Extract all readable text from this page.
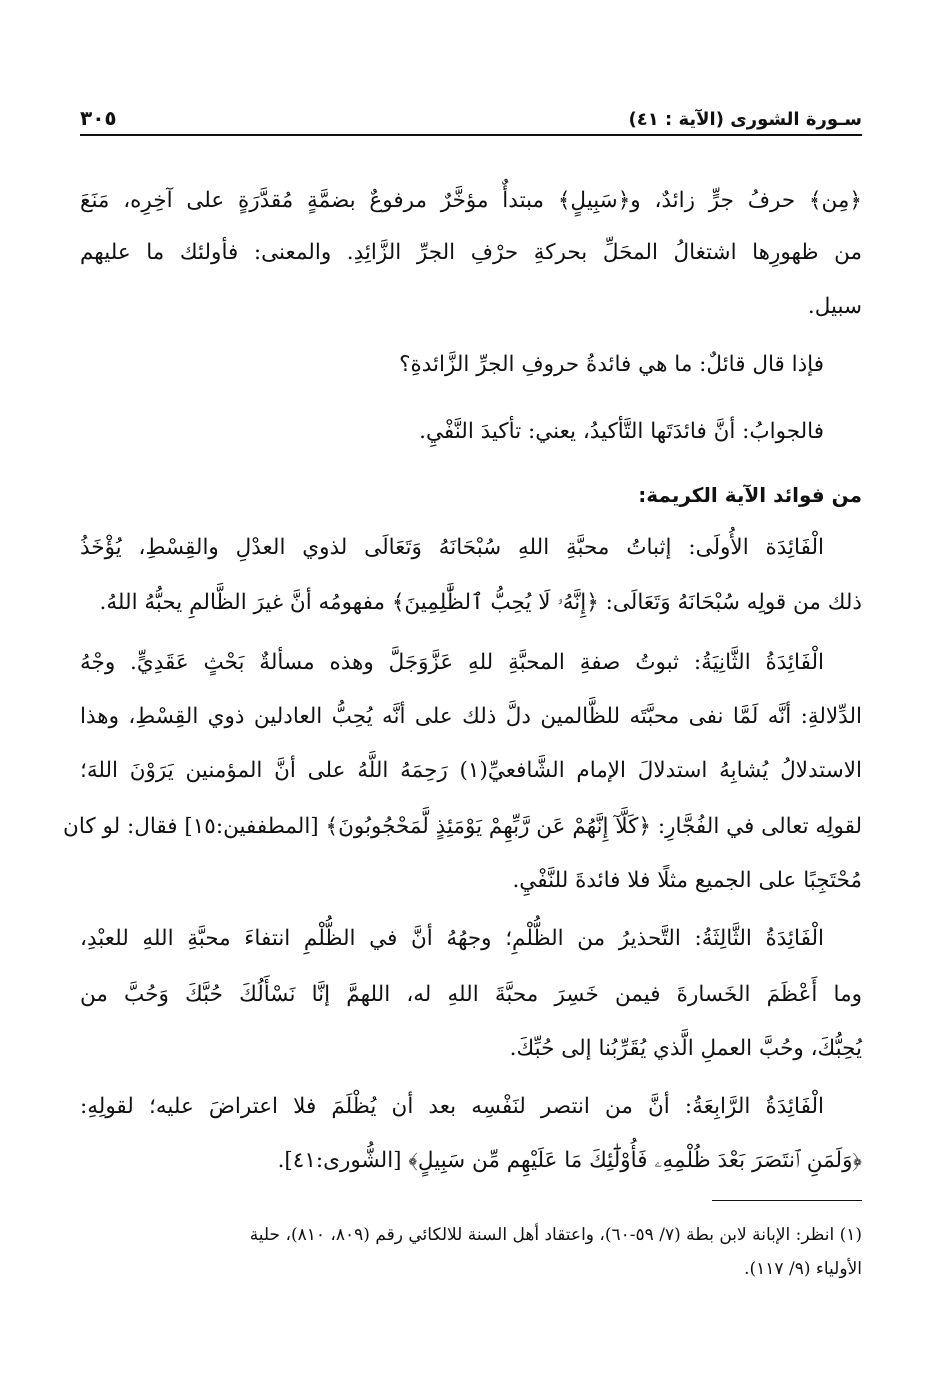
سـورة الشورى (الآية : ٤١)
٣٠٥
﴿مِن﴾ حرفُ جرٍّ زائدٌ، و﴿سَبِيلٍ﴾ مبتدأٌ مؤخَّرٌ مرفوعٌ بضمَّةٍ مُقدَّرَةٍ على آخِرِه، مَنَعَ
من ظهورِها اشتغالُ المحَلِّ بحركةِ حرْفِ الجرِّ الزَّائِدِ. والمعنى: فأولئك ما عليهم
سبيل.
فإذا قال قائلٌ: ما هي فائدةُ حروفِ الجرِّ الزَّائدةِ؟
فالجوابُ: أنَّ فائدَتَها التَّأكيدُ، يعني: تأكيدَ النَّفْيِ.
من فوائد الآية الكريمة:
الْفَائِدَة الأُولَى: إثباتُ محبَّةِ اللهِ سُبْحَانَهُ وَتَعَالَى لذوي العدْلِ والقِسْطِ، يُؤْخَذُ
ذلك من قولِه سُبْحَانَهُ وَتَعَالَى: ﴿إِنَّهُۥ لَا يُحِبُّ ٱلظَّٰلِمِينَ﴾ مفهومُه أنَّ غيرَ الظَّالمِ يحبُّهُ اللهُ.
الْفَائِدَةُ الثَّانِيَةُ: ثبوتُ صفةِ المحبَّةِ للهِ عَزَّوَجَلَّ وهذه مسألةٌ بَحْثٍ عَقَدِيٍّ. وجْهُ
الدِّلالةِ: أنَّه لَمَّا نفى محبَّتَه للظَّالمين دلَّ ذلك على أنَّه يُحِبُّ العادلين ذوي القِسْطِ، وهذا
الاستدلالُ يُشابِهُ استدلالَ الإمام الشَّافعيِّ(١) رَحِمَهُ اللَّهُ على أنَّ المؤمنين يَرَوْنَ اللهَ؛
لقولِه تعالى في الفُجَّارِ: ﴿كَلَّآ إِنَّهُمْ عَن رَّبِّهِمْ يَوْمَئِذٍ لَّمَحْجُوبُونَ﴾ [المطففين:١٥] فقال: لو كان
مُحْتَجِبًا على الجميع مثلًا فلا فائدةَ للنَّفْيِ.
الْفَائِدَةُ الثَّالِثَةُ: التَّحذيرُ من الظُّلْمِ؛ وجهُهُ أنَّ في الظُّلْمِ انتفاءَ محبَّةِ اللهِ للعبْدِ،
وما أَعْظَمَ الخَسارةَ فيمن خَسِرَ محبَّةَ اللهِ له، اللهمَّ إنَّا نَسْأَلُكَ حُبَّكَ وَحُبَّ من
يُحِبُّكَ، وحُبَّ العملِ الَّذي يُقَرِّبُنا إلى حُبِّكَ.
الْفَائِدَةُ الرَّابِعَةُ: أنَّ من انتصر لنَفْسِه بعد أن يُظْلَمَ فلا اعتراضَ عليه؛ لقولِهِ:
﴿وَلَمَنِ ٱنتَصَرَ بَعْدَ ظُلْمِهِۦ فَأُوْلَٰٓئِكَ مَا عَلَيْهِم مِّن سَبِيلٍ﴾ [الشُّورى:٤١].
(١) انظر: الإبانة لابن بطة (٧/ ٥٩-٦٠)، واعتقاد أهل السنة للالكائي رقم (٨٠٩، ٨١٠)، حلية
الأولياء (٩/ ١١٧).
